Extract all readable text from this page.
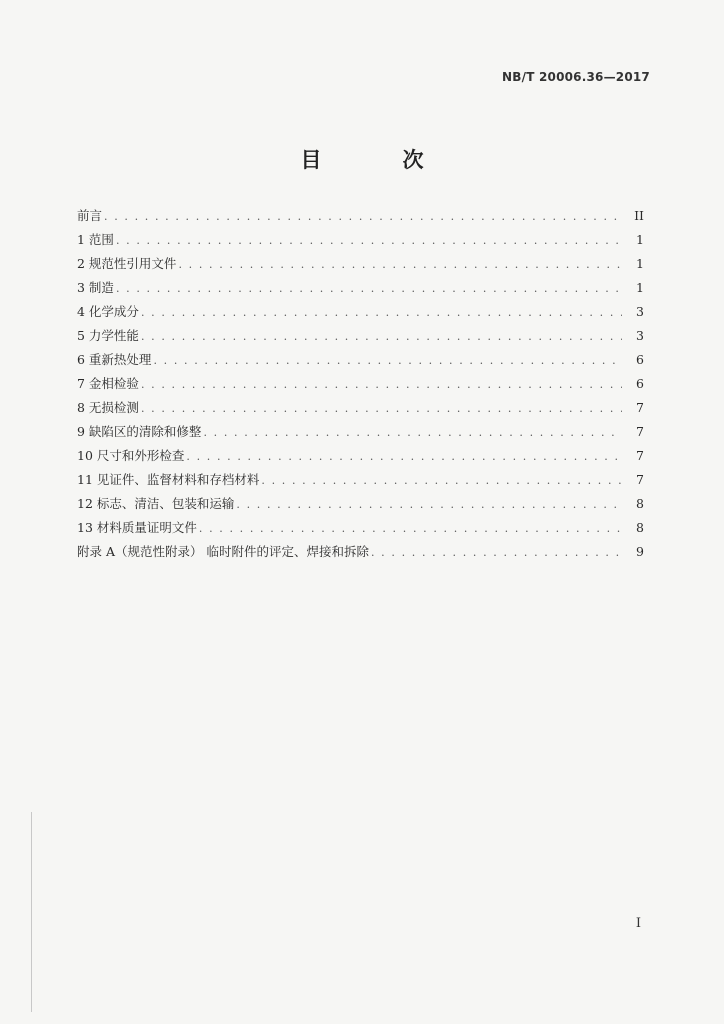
NB/T 20006.36—2017
目　次
前言 . . .	II
1 范围 . . .	1
2 规范性引用文件 . . .	1
3 制造 . . .	1
4 化学成分 . . .	3
5 力学性能 . . .	3
6 重新热处理 . . .	6
7 金相检验 . . .	6
8 无损检测 . . .	7
9 缺陷区的清除和修整 . . .	7
10 尺寸和外形检查 . . .	7
11 见证件、监督材料和存档材料 . . .	7
12 标志、清洁、包装和运输 . . .	8
13 材料质量证明文件 . . .	8
附录 A（规范性附录） 临时附件的评定、焊接和拆除 . . .	9
I
